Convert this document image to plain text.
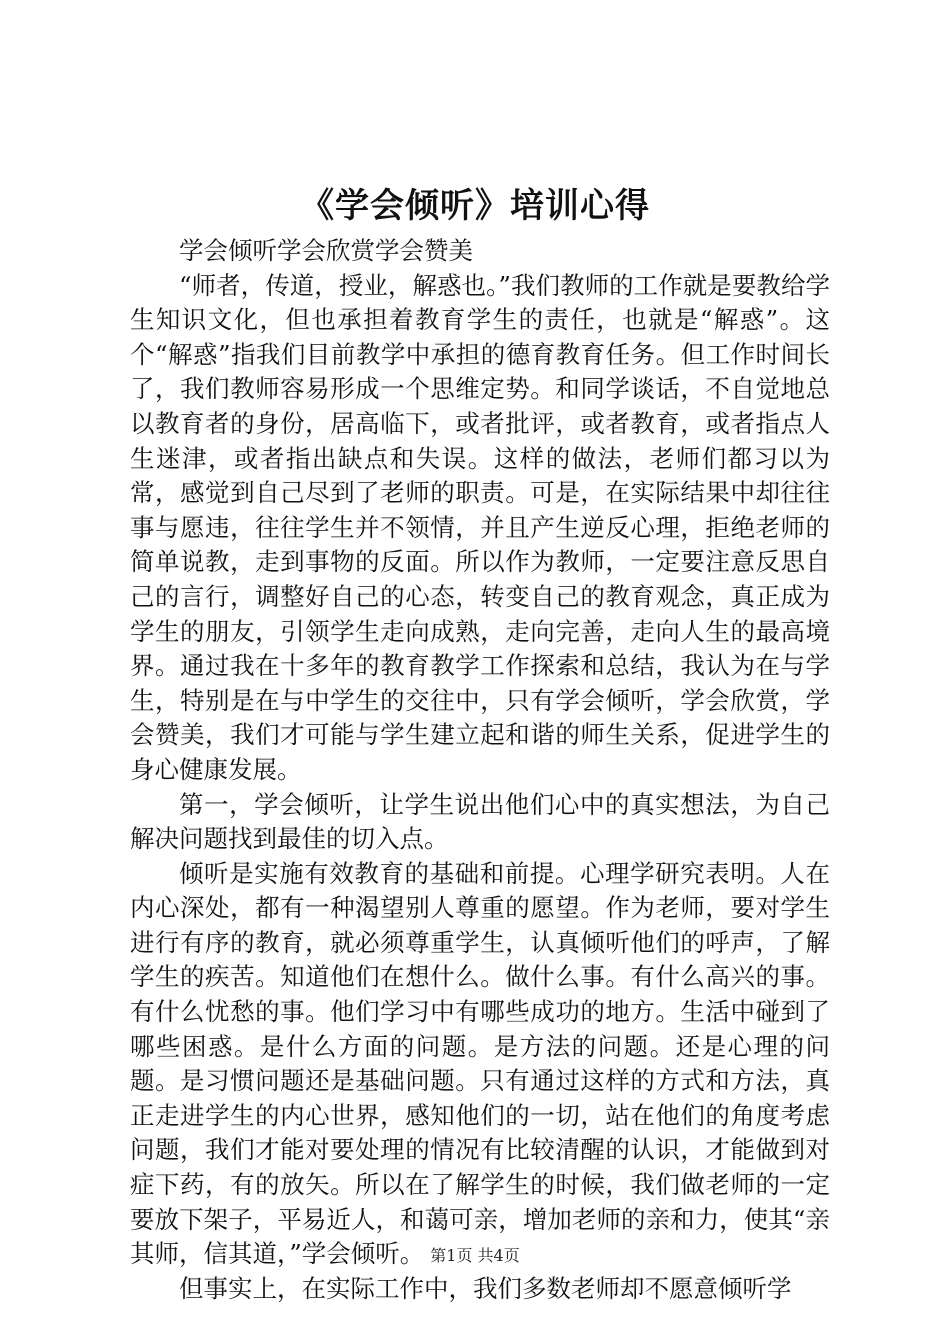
《学会倾听》培训心得
学会倾听学会欣赏学会赞美

“师者，传道，授业，解惑也。”我们教师的工作就是要教给学生知识文化，但也承担着教育学生的责任，也就是“解惑”。这个“解惑”指我们目前教学中承担的德育教育任务。但工作时间长了，我们教师容易形成一个思维定势。和同学谈话，不自觉地总以教育者的身份，居高临下，或者批评，或者教育，或者指点人生迷津，或者指出缺点和失误。这样的做法，老师们都习以为常，感觉到自己尽到了老师的职责。可是，在实际结果中却往往事与愿违，往往学生并不领情，并且产生逆反心理，拒绝老师的简单说教，走到事物的反面。所以作为教师，一定要注意反思自己的言行，调整好自己的心态，转变自己的教育观念，真正成为学生的朋友，引领学生走向成熟，走向完善，走向人生的最高境界。通过我在十多年的教育教学工作探索和总结，我认为在与学生，特别是在与中学生的交往中，只有学会倾听，学会欣赏，学会赞美，我们才可能与学生建立起和谐的师生关系，促进学生的身心健康发展。

第一，学会倾听，让学生说出他们心中的真实想法，为自己解决问题找到最佳的切入点。

倾听是实施有效教育的基础和前提。心理学研究表明。人在内心深处，都有一种渴望别人尊重的愿望。作为老师，要对学生进行有序的教育，就必须尊重学生，认真倾听他们的呼声，了解学生的疾苦。知道他们在想什么。做什么事。有什么高兴的事。有什么忧愁的事。他们学习中有哪些成功的地方。生活中碰到了哪些困惑。是什么方面的问题。是方法的问题。还是心理的问题。是习惯问题还是基础问题。只有通过这样的方式和方法，真正走进学生的内心世界，感知他们的一切，站在他们的角度考虑问题，我们才能对要处理的情况有比较清醒的认识，才能做到对症下药，有的放矢。所以在了解学生的时候，我们做老师的一定要放下架子，平易近人，和蔼可亲，增加老师的亲和力，使其“亲其师，信其道，”学会倾听。

但事实上，在实际工作中，我们多数老师却不愿意倾听学

第1页 共4页
